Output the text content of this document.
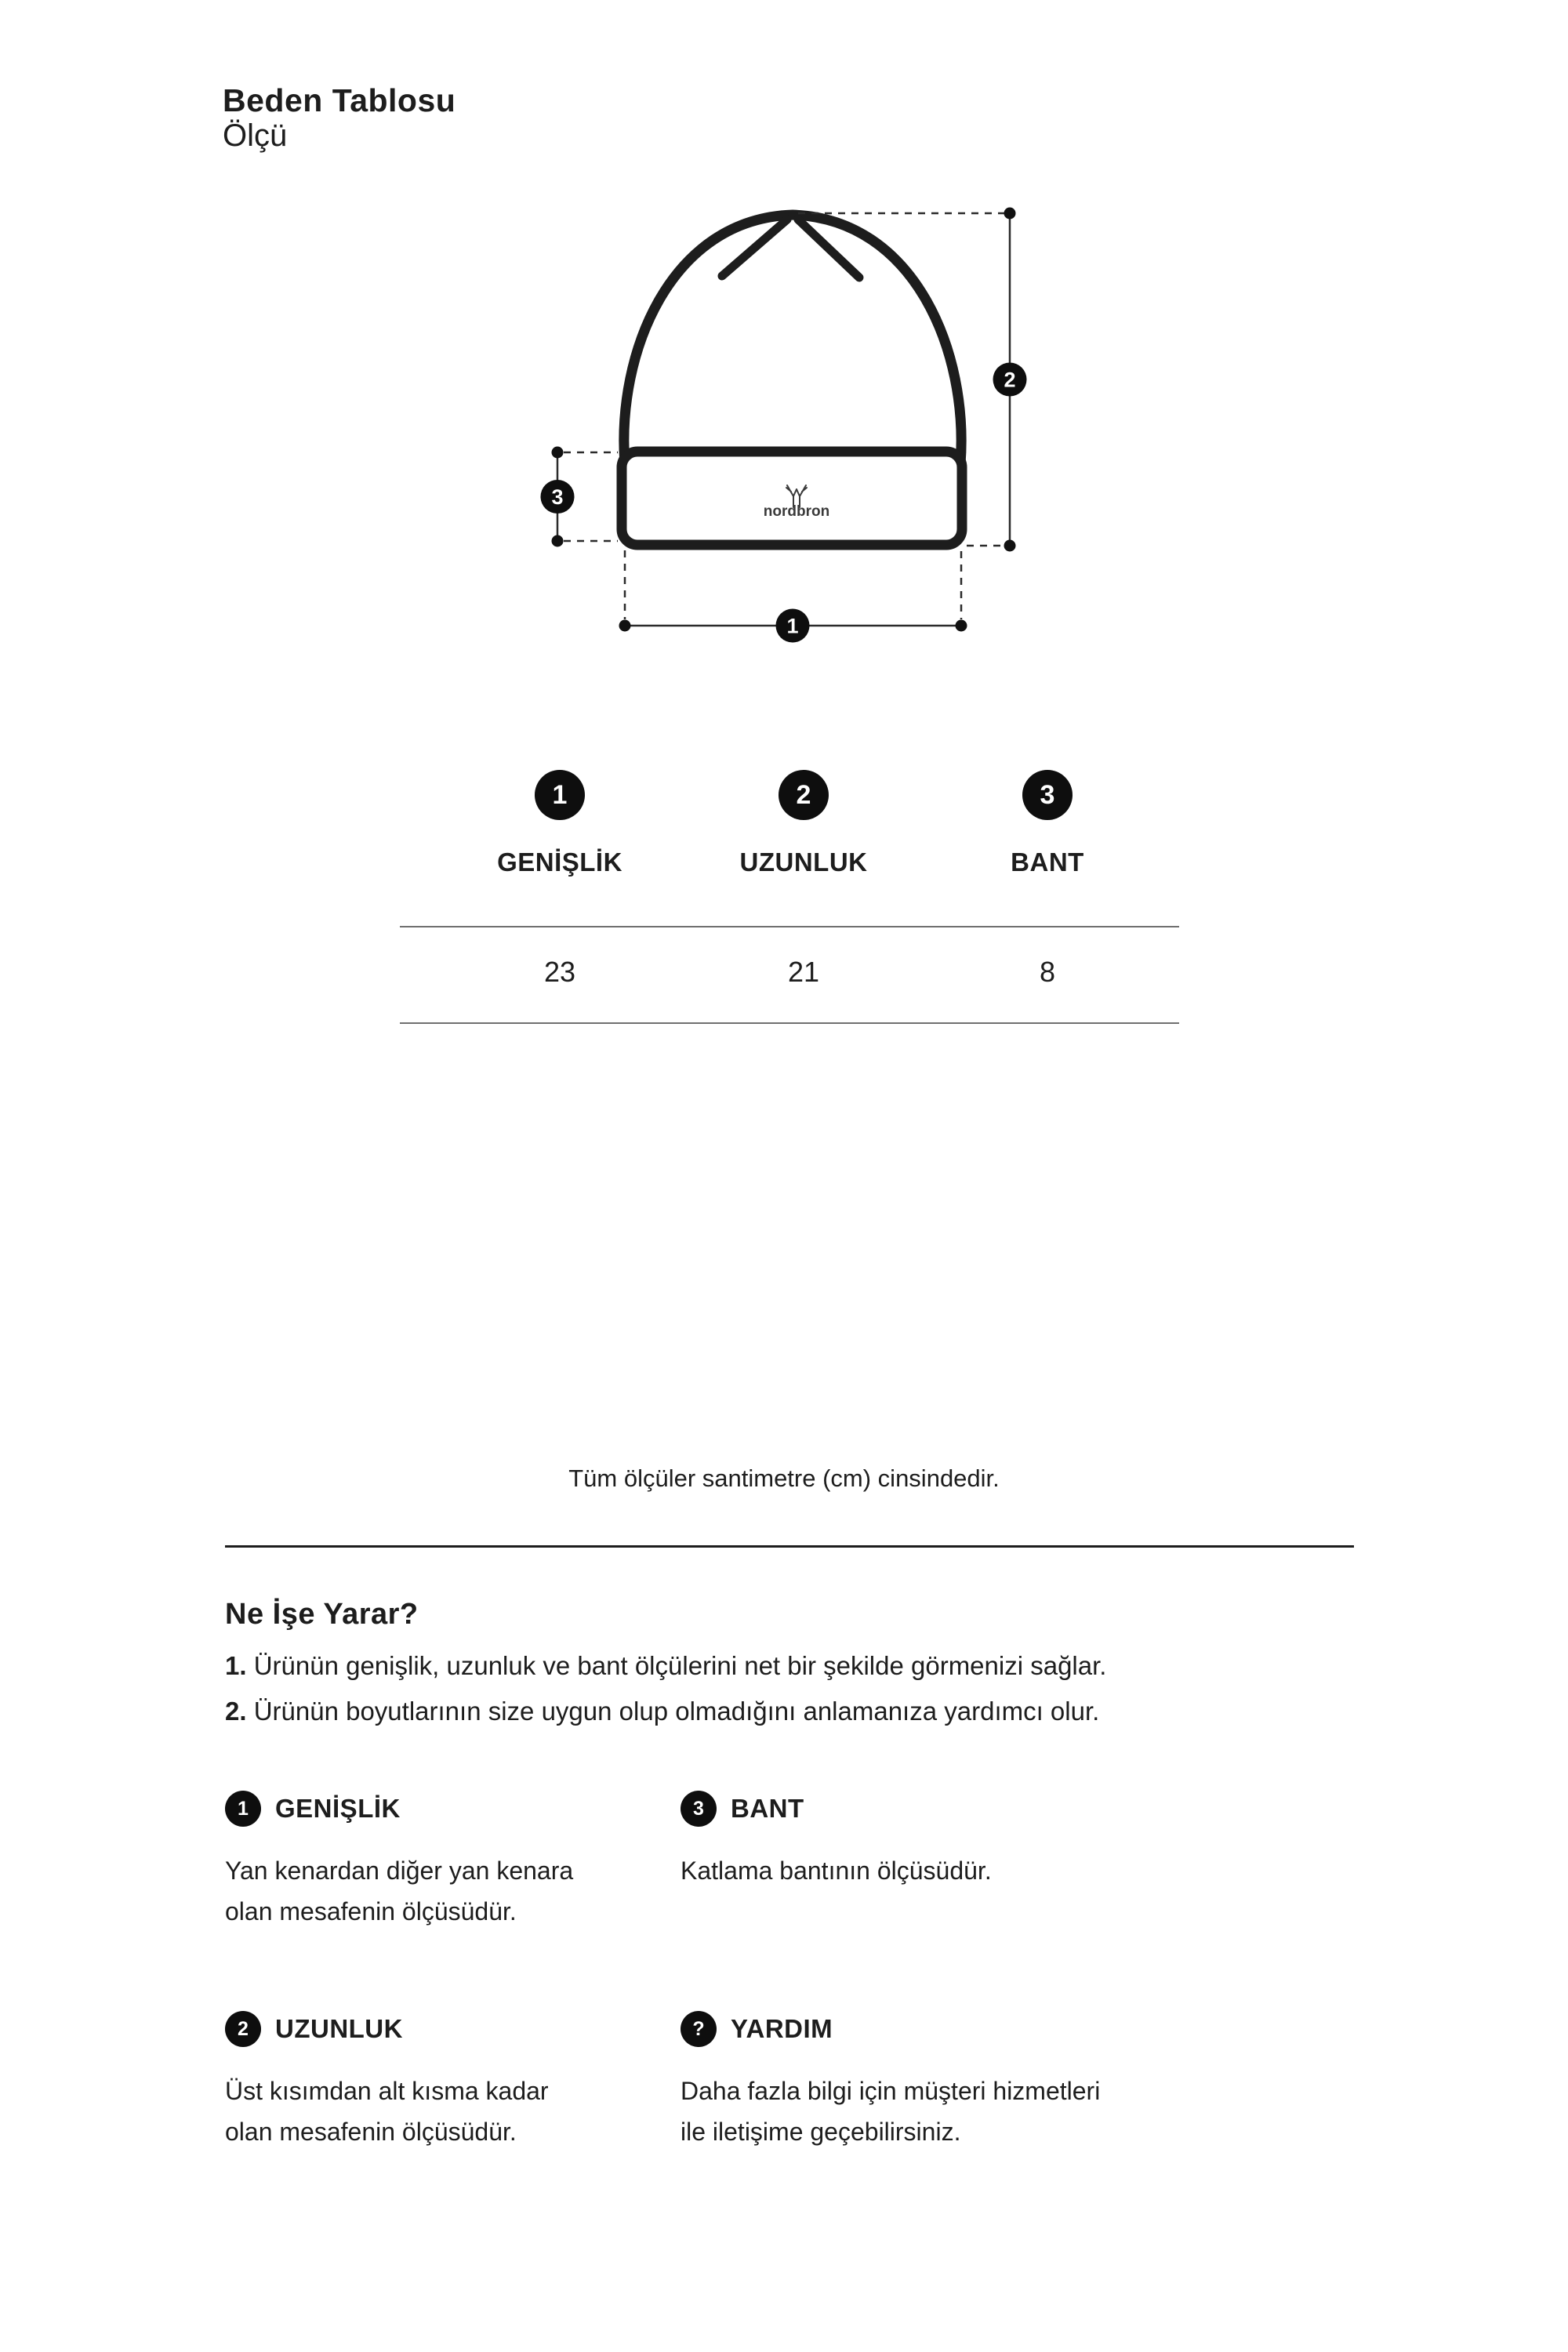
Beden Tablosu
Ölçü
nordbron
2
3
1
1	2	3
GENİŞLİK	UZUNLUK	BANT
23	21	8
Tüm ölçüler santimetre (cm) cinsindedir.
Ne İşe Yarar?
1. Ürünün genişlik, uzunluk ve bant ölçülerini net bir şekilde görmenizi sağlar.
2. Ürünün boyutlarının size uygun olup olmadığını anlamanıza yardımcı olur.
1	GENİŞLİK
Yan kenardan diğer yan kenara
olan mesafenin ölçüsüdür.
3	BANT
Katlama bantının ölçüsüdür.
2	UZUNLUK
Üst kısımdan alt kısma kadar
olan mesafenin ölçüsüdür.
?	YARDIM
Daha fazla bilgi için müşteri hizmetleri
ile iletişime geçebilirsiniz.
